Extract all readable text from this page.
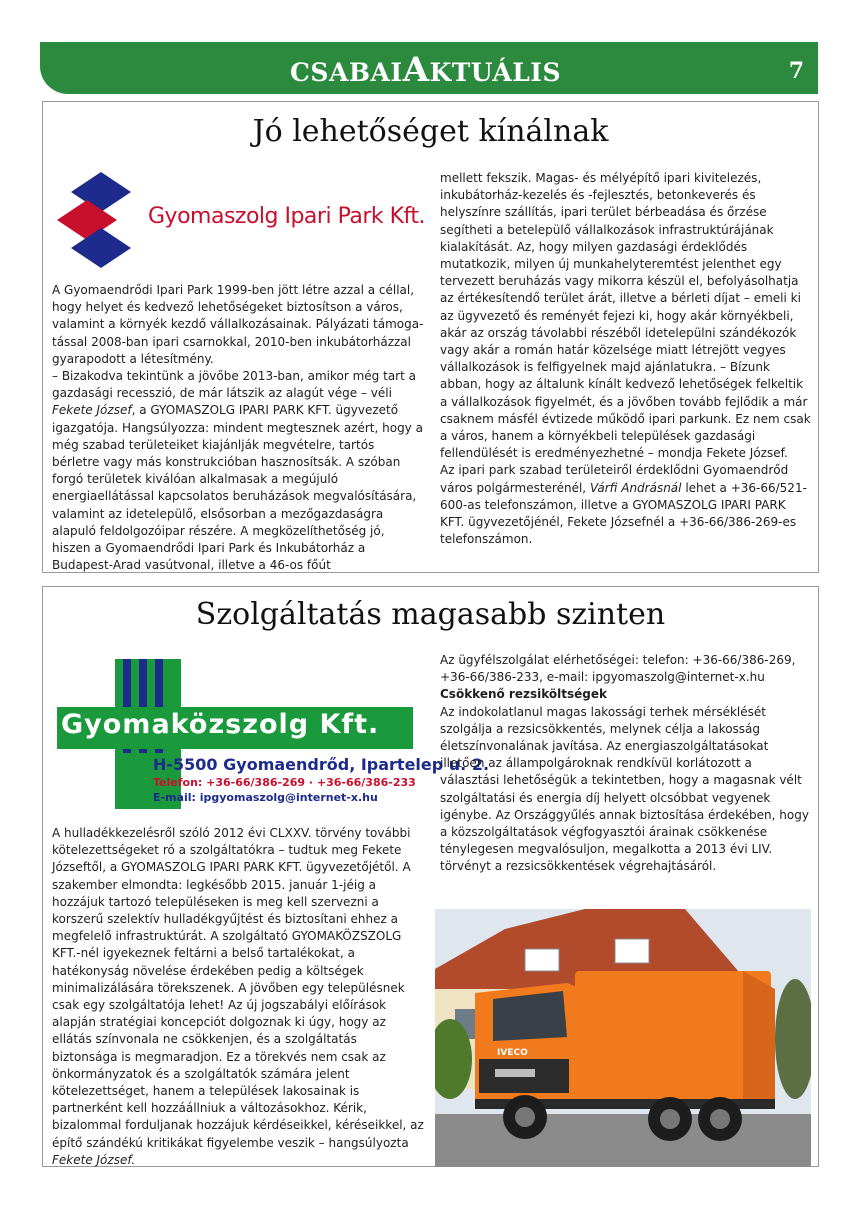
CSABAIAKTUÁLIS	7
Jó lehetőséget kínálnak
Gyomaszolg Ipari Park Kft.

A Gyomaendrődi Ipari Park 1999-ben jött létre azzal a céllal, hogy helyet és kedvező lehetőségeket biztosítson a város, valamint a környék kezdő vállalkozásainak. Pályázati támoga-tással 2008-ban ipari csarnokkal, 2010-ben inkubátorházzal gyarapodott a létesítmény.

– Bizakodva tekintünk a jövőbe 2013-ban, amikor még tart a gazdasági recesszió, de már látszik az alagút vége – véli Fekete József, a GYOMASZOLG IPARI PARK KFT. ügyvezető igazgatója. Hangsúlyozza: mindent megtesznek azért, hogy a még szabad területeiket kiajánlják megvételre, tartós bérletre vagy más konstrukcióban hasznosítsák. A szóban forgó területek kiválóan alkalmasak a megújuló energiaellátással kapcsolatos beruházások megvalósítására, valamint az idetelepülő, elsősorban a mezőgazdaságra alapuló feldolgozóipar részére. A megközelíthetőség jó, hiszen a Gyomaendrődi Ipari Park és Inkubátorház a Budapest-Arad vasútvonal, illetve a 46-os főút

mellett fekszik. Magas- és mélyépítő ipari kivitelezés, inkubátorház-kezelés és -fejlesztés, betonkeverés és helyszínre szállítás, ipari terület bérbeadása és őrzése segítheti a betelepülő vállalkozások infrastruktúrájának kialakítását. Az, hogy milyen gazdasági érdeklődés mutatkozik, milyen új munkahelyteremtést jelenthet egy tervezett beruházás vagy mikorra készül el, befolyásolhatja az értékesítendő terület árát, illetve a bérleti díjat – emeli ki az ügyvezető és reményét fejezi ki, hogy akár környékbeli, akár az ország távolabbi részéből idetelepülni szándékozók vagy akár a román határ közelsége miatt létrejött vegyes vállalkozások is felfigyelnek majd ajánlatukra. – Bízunk abban, hogy az általunk kínált kedvező lehetőségek felkeltik a vállalkozások figyelmét, és a jövőben tovább fejlődik a már csaknem másfél évtizede működő ipari parkunk. Ez nem csak a város, hanem a környékbeli települések gazdasági fellendülését is eredményezhetné – mondja Fekete József.

Az ipari park szabad területeiről érdeklődni Gyomaendrőd város polgármesterénél, Várfi Andrásnál lehet a +36-66/521-600-as telefonszámon, illetve a GYOMASZOLG IPARI PARK KFT. ügyvezetőjénél, Fekete Józsefnél a +36-66/386-269-es telefonszámon.

Szolgáltatás magasabb szinten
Gyomaközszolg Kft.
H-5500 Gyomaendrőd, Ipartelep u. 2.
Telefon: +36-66/386-269 · +36-66/386-233
E-mail: ipgyomaszolg@internet-x.hu

A hulladékkezelésről szóló 2012 évi CLXXV. törvény további kötelezettségeket ró a szolgáltatókra – tudtuk meg Fekete Józseftől, a GYOMASZOLG IPARI PARK KFT. ügyvezetőjétől. A szakember elmondta: legkésőbb 2015. január 1-jéig a hozzájuk tartozó településeken is meg kell szervezni a korszerű szelektív hulladékgyűjtést és biztosítani ehhez a megfelelő infrastruktúrát. A szolgáltató GYOMAKÖZSZOLG KFT.-nél igyekeznek feltárni a belső tartalékokat, a hatékonyság növelése érdekében pedig a költségek minimalizálására törekszenek. A jövőben egy településnek csak egy szolgáltatója lehet! Az új jogszabályi előírások alapján stratégiai koncepciót dolgoznak ki úgy, hogy az ellátás színvonala ne csökkenjen, és a szolgáltatás biztonsága is megmaradjon. Ez a törekvés nem csak az önkormányzatok és a szolgáltatók számára jelent kötelezettséget, hanem a települések lakosainak is partnerként kell hozzáállniuk a változásokhoz. Kérik, bizalommal forduljanak hozzájuk kérdéseikkel, kéréseikkel, az építő szándékú kritikákat figyelembe veszik – hangsúlyozta Fekete József.

Az ügyfélszolgálat elérhetőségei: telefon: +36-66/386-269, +36-66/386-233, e-mail: ipgyomaszolg@internet-x.hu

Csökkenő rezsiköltségek

Az indokolatlanul magas lakossági terhek mérséklését szolgálja a rezsicsökkentés, melynek célja a lakosság életszínvonalának javítása. Az energiaszolgáltatásokat illetően az állampolgároknak rendkívül korlátozott a választási lehetőségük a tekintetben, hogy a magasnak vélt szolgáltatási és energia díj helyett olcsóbbat vegyenek igénybe. Az Országgyűlés annak biztosítása érdekében, hogy a közszolgáltatások végfogyasztói árainak csökkenése ténylegesen megvalósuljon, megalkotta a 2013 évi LIV. törvényt a rezsicsökkentések végrehajtásáról.

IVECO
